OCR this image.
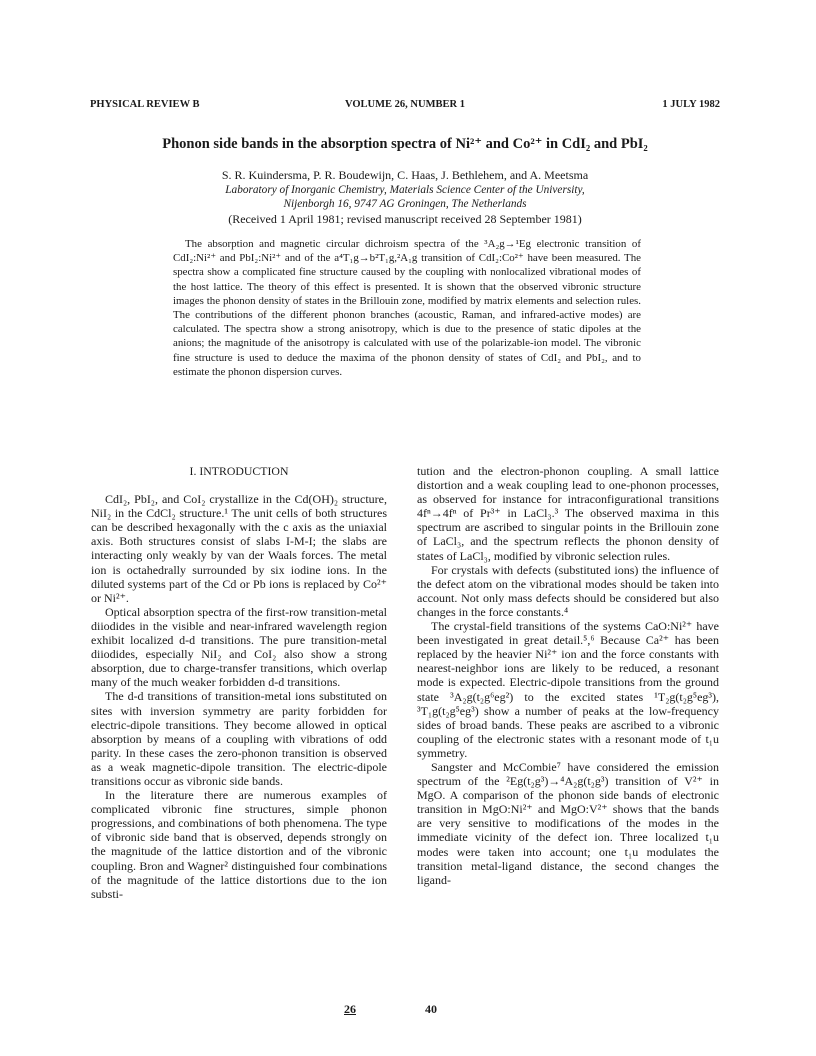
PHYSICAL REVIEW B	VOLUME 26, NUMBER 1	1 JULY 1982
Phonon side bands in the absorption spectra of Ni²⁺ and Co²⁺ in CdI₂ and PbI₂
S. R. Kuindersma, P. R. Boudewijn, C. Haas, J. Bethlehem, and A. Meetsma
Laboratory of Inorganic Chemistry, Materials Science Center of the University,
Nijenborgh 16, 9747 AG Groningen, The Netherlands
(Received 1 April 1981; revised manuscript received 28 September 1981)
The absorption and magnetic circular dichroism spectra of the ³A₂g→¹Eg electronic transition of CdI₂:Ni²⁺ and PbI₂:Ni²⁺ and of the a⁴T₁g→b²T₁g,²A₁g transition of CdI₂:Co²⁺ have been measured. The spectra show a complicated fine structure caused by the coupling with nonlocalized vibrational modes of the host lattice. The theory of this effect is presented. It is shown that the observed vibronic structure images the phonon density of states in the Brillouin zone, modified by matrix elements and selection rules. The contributions of the different phonon branches (acoustic, Raman, and infrared-active modes) are calculated. The spectra show a strong anisotropy, which is due to the presence of static dipoles at the anions; the magnitude of the anisotropy is calculated with use of the polarizable-ion model. The vibronic fine structure is used to deduce the maxima of the phonon density of states of CdI₂ and PbI₂, and to estimate the phonon dispersion curves.
I. INTRODUCTION

CdI₂, PbI₂, and CoI₂ crystallize in the Cd(OH)₂ structure, NiI₂ in the CdCl₂ structure.¹ The unit cells of both structures can be described hexagonally with the c axis as the uniaxial axis. Both structures consist of slabs I-M-I; the slabs are interacting only weakly by van der Waals forces. The metal ion is octahedrally surrounded by six iodine ions. In the diluted systems part of the Cd or Pb ions is replaced by Co²⁺ or Ni²⁺.

Optical absorption spectra of the first-row transition-metal diiodides in the visible and near-infrared wavelength region exhibit localized d-d transitions. The pure transition-metal diiodides, especially NiI₂ and CoI₂ also show a strong absorption, due to charge-transfer transitions, which overlap many of the much weaker forbidden d-d transitions.

The d-d transitions of transition-metal ions substituted on sites with inversion symmetry are parity forbidden for electric-dipole transitions. They become allowed in optical absorption by means of a coupling with vibrations of odd parity. In these cases the zero-phonon transition is observed as a weak magnetic-dipole transition. The electric-dipole transitions occur as vibronic side bands.

In the literature there are numerous examples of complicated vibronic fine structures, simple phonon progressions, and combinations of both phenomena. The type of vibronic side band that is observed, depends strongly on the magnitude of the lattice distortion and of the vibronic coupling. Bron and Wagner² distinguished four combinations of the magnitude of the lattice distortions due to the ion substi-

tution and the electron-phonon coupling. A small lattice distortion and a weak coupling lead to one-phonon processes, as observed for instance for intraconfigurational transitions 4fⁿ→4fⁿ of Pr³⁺ in LaCl₃.³ The observed maxima in this spectrum are ascribed to singular points in the Brillouin zone of LaCl₃, and the spectrum reflects the phonon density of states of LaCl₃, modified by vibronic selection rules.

For crystals with defects (substituted ions) the influence of the defect atom on the vibrational modes should be taken into account. Not only mass defects should be considered but also changes in the force constants.⁴

The crystal-field transitions of the systems CaO:Ni²⁺ have been investigated in great detail.⁵,⁶ Because Ca²⁺ has been replaced by the heavier Ni²⁺ ion and the force constants with nearest-neighbor ions are likely to be reduced, a resonant mode is expected. Electric-dipole transitions from the ground state ³A₂g(t₂g⁶eg²) to the excited states ¹T₂g(t₂g⁵eg³), ³T₁g(t₂g⁵eg³) show a number of peaks at the low-frequency sides of broad bands. These peaks are ascribed to a vibronic coupling of the electronic states with a resonant mode of t₁u symmetry.

Sangster and McCombie⁷ have considered the emission spectrum of the ²Eg(t₂g³)→⁴A₂g(t₂g³) transition of V²⁺ in MgO. A comparison of the phonon side bands of electronic transition in MgO:Ni²⁺ and MgO:V²⁺ shows that the bands are very sensitive to modifications of the modes in the immediate vicinity of the defect ion. Three localized t₁u modes were taken into account; one t₁u modulates the transition metal-ligand distance, the second changes the ligand-

26	40
